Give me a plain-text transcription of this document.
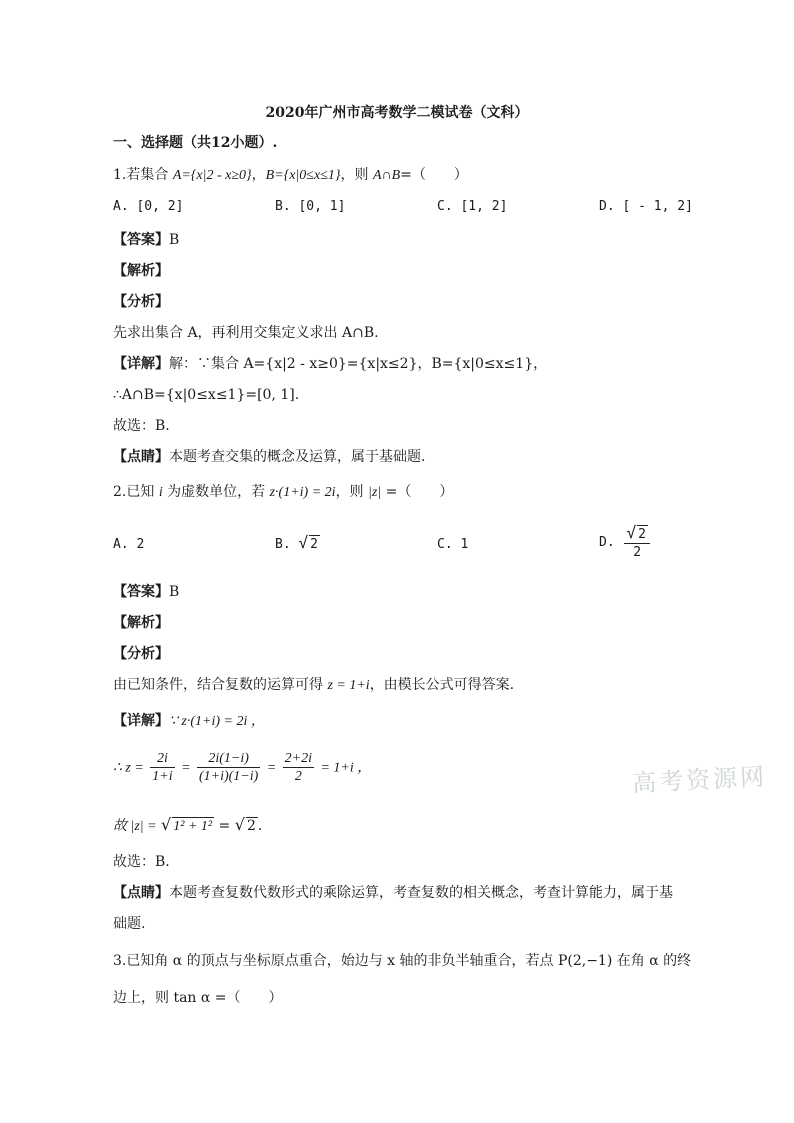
2020年广州市高考数学二模试卷（文科）
一、选择题（共12小题）.
1.若集合 A={x|2 - x≥0}，B={x|0≤x≤1}，则 A∩B=（　　）
A. [0, 2]	B. [0, 1]	C. [1, 2]	D. [ - 1, 2]
【答案】B
【解析】
【分析】
先求出集合 A，再利用交集定义求出 A∩B.
【详解】解：∵集合 A={x|2 - x≥0}={x|x≤2}，B={x|0≤x≤1}，
∴A∩B={x|0≤x≤1}=[0, 1].
故选：B.
【点睛】本题考查交集的概念及运算，属于基础题.
2.已知 i 为虚数单位，若 z·(1+i) = 2i，则 |z| =（　　）
A. 2	B. √ 2	C. 1	D. $\frac{√ 2}{2}$
【答案】B
【解析】
【分析】
由已知条件，结合复数的运算可得 z = 1+i，由模长公式可得答案.
【详解】∵ z·(1+i) = 2i ，
∴ $z = \frac{2i}{1+i} = \frac{2i(1-i)}{(1+i)(1-i)} = \frac{2+2i}{2} = 1+i$ ，
故 |z| = √ 1² + 1² = √ 2 .
故选：B.
【点睛】本题考查复数代数形式的乘除运算，考查复数的相关概念，考查计算能力，属于基
础题.
3.已知角 α 的顶点与坐标原点重合，始边与 x 轴的非负半轴重合，若点 P(2,−1) 在角 α 的终
边上，则 tan α =（　　）
高考资源网
